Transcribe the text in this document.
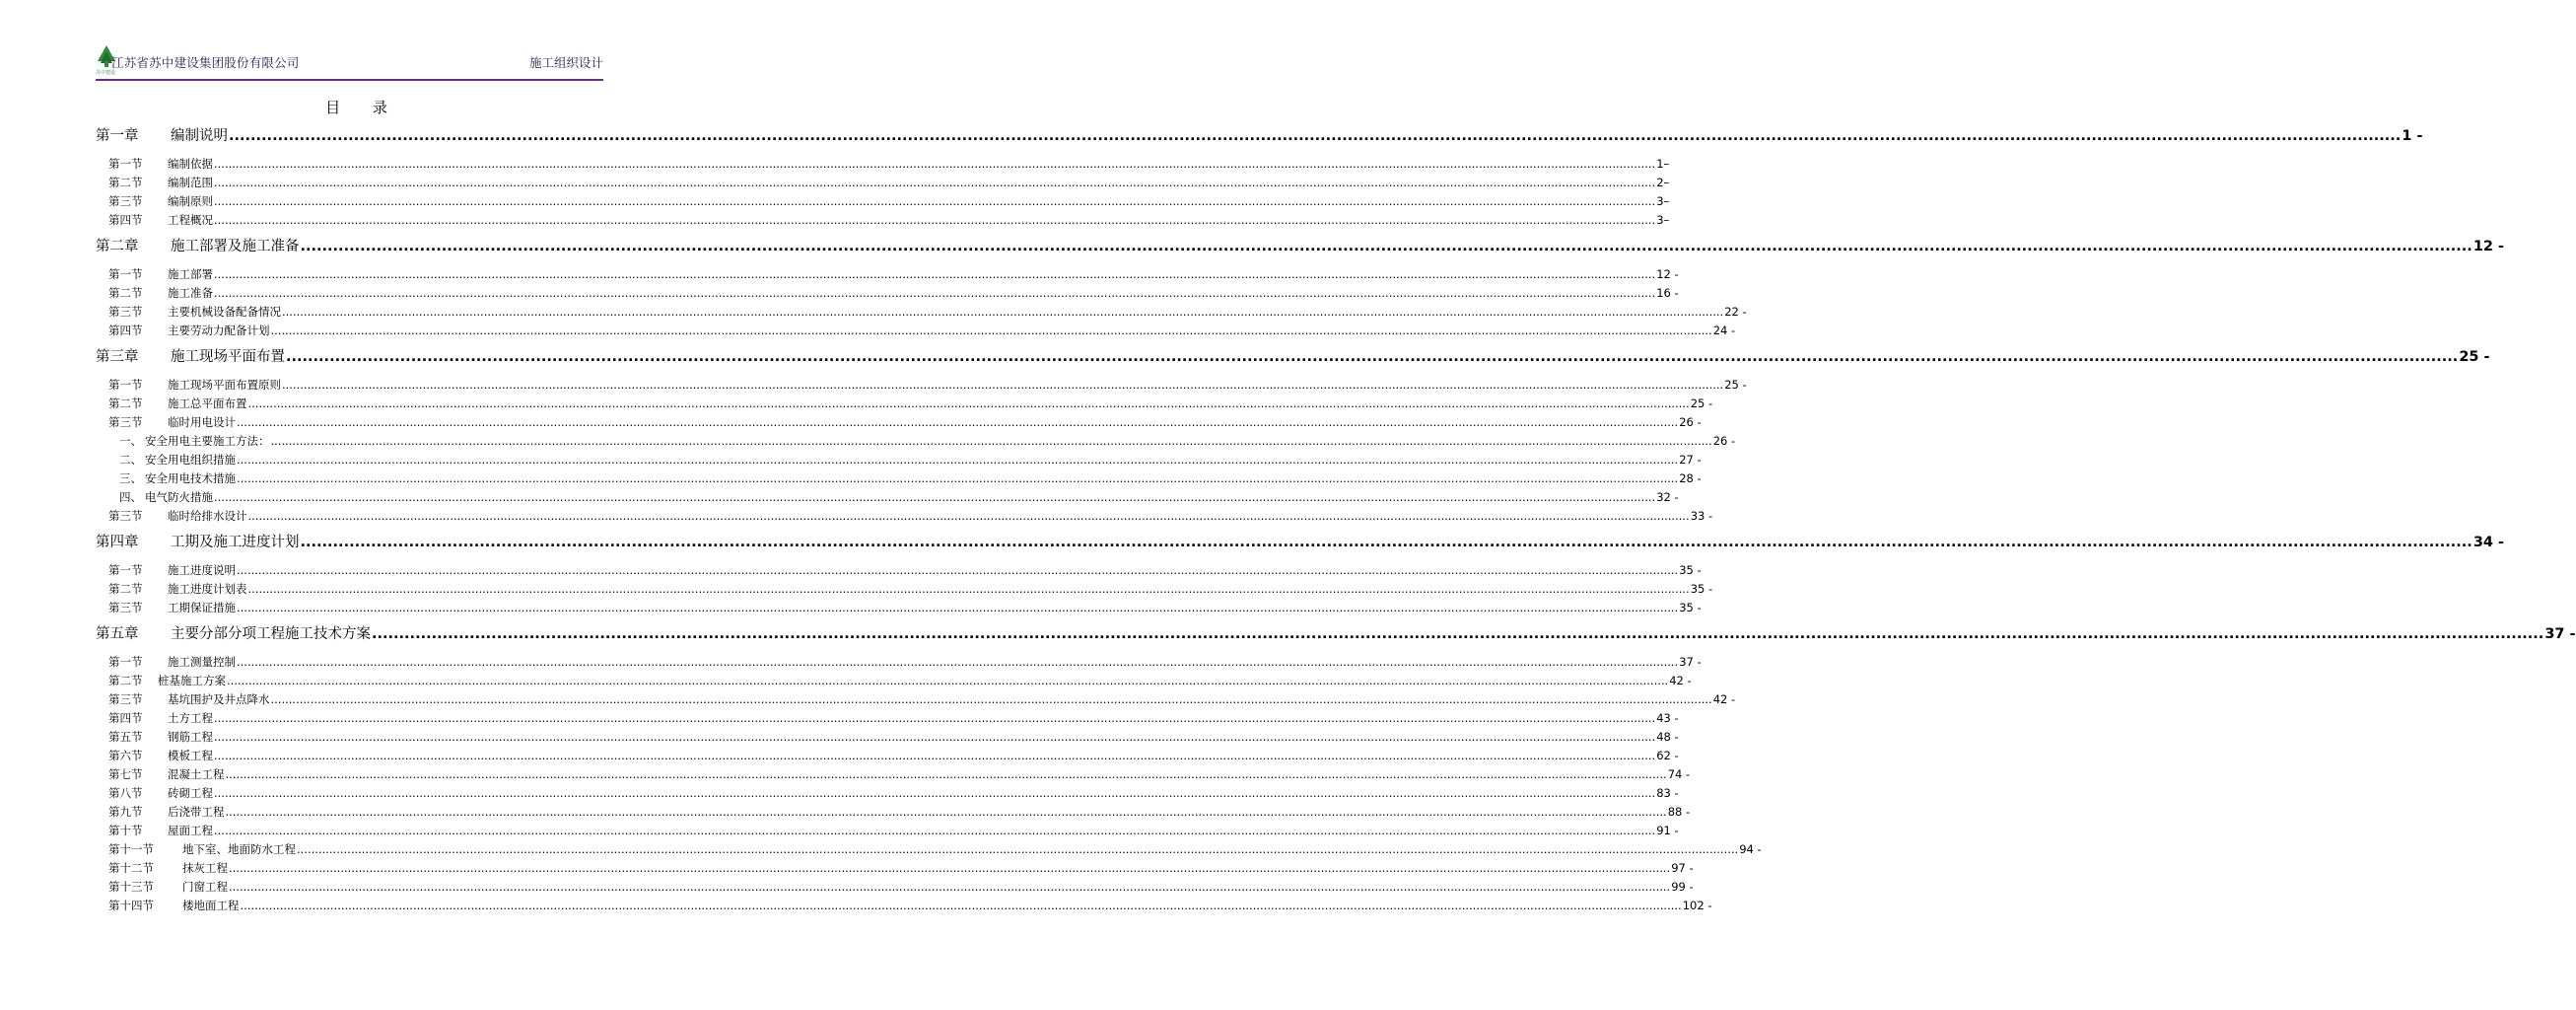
苏中建设
江苏省苏中建设集团股份有限公司	施工组织设计
目 录
第一章	编制说明 ................................................................................................................................................................................................................................................................................................................................................................................................................ 1 -
第一节	编制依据 ................................................................................................................................................................................................................................................................................................................................................................................................................ 1–
第二节	编制范围 ................................................................................................................................................................................................................................................................................................................................................................................................................ 2–
第三节	编制原则 ................................................................................................................................................................................................................................................................................................................................................................................................................ 3–
第四节	工程概况 ................................................................................................................................................................................................................................................................................................................................................................................................................ 3–
第二章	施工部署及施工准备 ................................................................................................................................................................................................................................................................................................................................................................................................................ 12 -
第一节	施工部署 ................................................................................................................................................................................................................................................................................................................................................................................................................ 12 -
第二节	施工准备 ................................................................................................................................................................................................................................................................................................................................................................................................................ 16 -
第三节	主要机械设备配备情况 ................................................................................................................................................................................................................................................................................................................................................................................................................ 22 -
第四节	主要劳动力配备计划 ................................................................................................................................................................................................................................................................................................................................................................................................................ 24 -
第三章	施工现场平面布置 ................................................................................................................................................................................................................................................................................................................................................................................................................ 25 -
第一节	施工现场平面布置原则 ................................................................................................................................................................................................................................................................................................................................................................................................................ 25 -
第二节	施工总平面布置 ................................................................................................................................................................................................................................................................................................................................................................................................................ 25 -
第三节	临时用电设计 ................................................................................................................................................................................................................................................................................................................................................................................................................ 26 -
一、 安全用电主要施工方法： ................................................................................................................................................................................................................................................................................................................................................................................................................ 26 -
二、 安全用电组织措施 ................................................................................................................................................................................................................................................................................................................................................................................................................ 27 -
三、 安全用电技术措施 ................................................................................................................................................................................................................................................................................................................................................................................................................ 28 -
四、 电气防火措施 ................................................................................................................................................................................................................................................................................................................................................................................................................ 32 -
第三节	临时给排水设计 ................................................................................................................................................................................................................................................................................................................................................................................................................ 33 -
第四章	工期及施工进度计划 ................................................................................................................................................................................................................................................................................................................................................................................................................ 34 -
第一节	施工进度说明 ................................................................................................................................................................................................................................................................................................................................................................................................................ 35 -
第二节	施工进度计划表 ................................................................................................................................................................................................................................................................................................................................................................................................................ 35 -
第三节	工期保证措施 ................................................................................................................................................................................................................................................................................................................................................................................................................ 35 -
第五章	主要分部分项工程施工技术方案 ................................................................................................................................................................................................................................................................................................................................................................................................................ 37 -
第一节	施工测量控制 ................................................................................................................................................................................................................................................................................................................................................................................................................ 37 -
第二节	桩基施工方案 ................................................................................................................................................................................................................................................................................................................................................................................................................ 42 -
第三节	基坑围护及井点降水 ................................................................................................................................................................................................................................................................................................................................................................................................................ 42 -
第四节	土方工程 ................................................................................................................................................................................................................................................................................................................................................................................................................ 43 -
第五节	钢筋工程 ................................................................................................................................................................................................................................................................................................................................................................................................................ 48 -
第六节	模板工程 ................................................................................................................................................................................................................................................................................................................................................................................................................ 62 -
第七节	混凝土工程 ................................................................................................................................................................................................................................................................................................................................................................................................................ 74 -
第八节	砖砌工程 ................................................................................................................................................................................................................................................................................................................................................................................................................ 83 -
第九节	后浇带工程 ................................................................................................................................................................................................................................................................................................................................................................................................................ 88 -
第十节	屋面工程 ................................................................................................................................................................................................................................................................................................................................................................................................................ 91 -
第十一节	地下室、地面防水工程 ................................................................................................................................................................................................................................................................................................................................................................................................................ 94 -
第十二节	抹灰工程 ................................................................................................................................................................................................................................................................................................................................................................................................................ 97 -
第十三节	门窗工程 ................................................................................................................................................................................................................................................................................................................................................................................................................ 99 -
第十四节	楼地面工程 ................................................................................................................................................................................................................................................................................................................................................................................................................ 102 -
